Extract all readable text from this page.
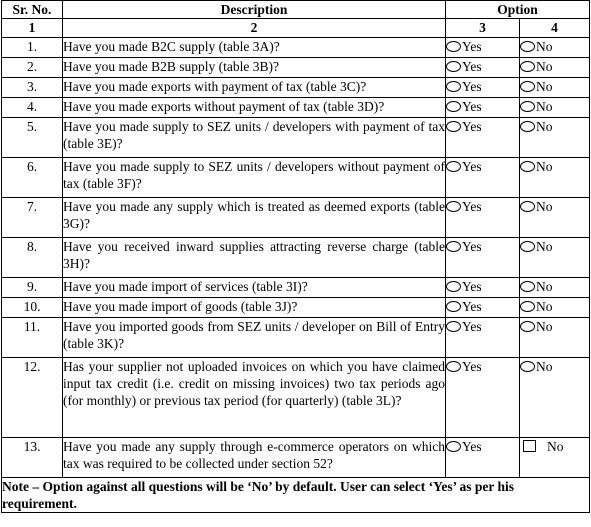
Sr. No.	Description	Option	
1	2	3	4
1.	Have you made B2C supply (table 3A)?	Yes	No
2.	Have you made B2B supply (table 3B)?	Yes	No
3.	Have you made exports with payment of tax (table 3C)?	Yes	No
4.	Have you made exports without payment of tax (table 3D)?	Yes	No
5.	Have you made supply to SEZ units / developers with payment of tax (table 3E)?	Yes	No
6.	Have you made supply to SEZ units / developers without payment of tax (table 3F)?	Yes	No
7.	Have you made any supply which is treated as deemed exports (table 3G)?	Yes	No
8.	Have you received inward supplies attracting reverse charge (table 3H)?	Yes	No
9.	Have you made import of services (table 3I)?	Yes	No
10.	Have you made import of goods (table 3J)?	Yes	No
11.	Have you imported goods from SEZ units / developer on Bill of Entry (table 3K)?	Yes	No
12.	Has your supplier not uploaded invoices on which you have claimed input tax credit (i.e. credit on missing invoices) two tax periods ago (for monthly) or previous tax period (for quarterly) (table 3L)?	Yes	No
13.	Have you made any supply through e-commerce operators on which tax was required to be collected under section 52?	Yes	No
Note – Option against all questions will be ‘No’ by default. User can select ‘Yes’ as per his requirement.			
